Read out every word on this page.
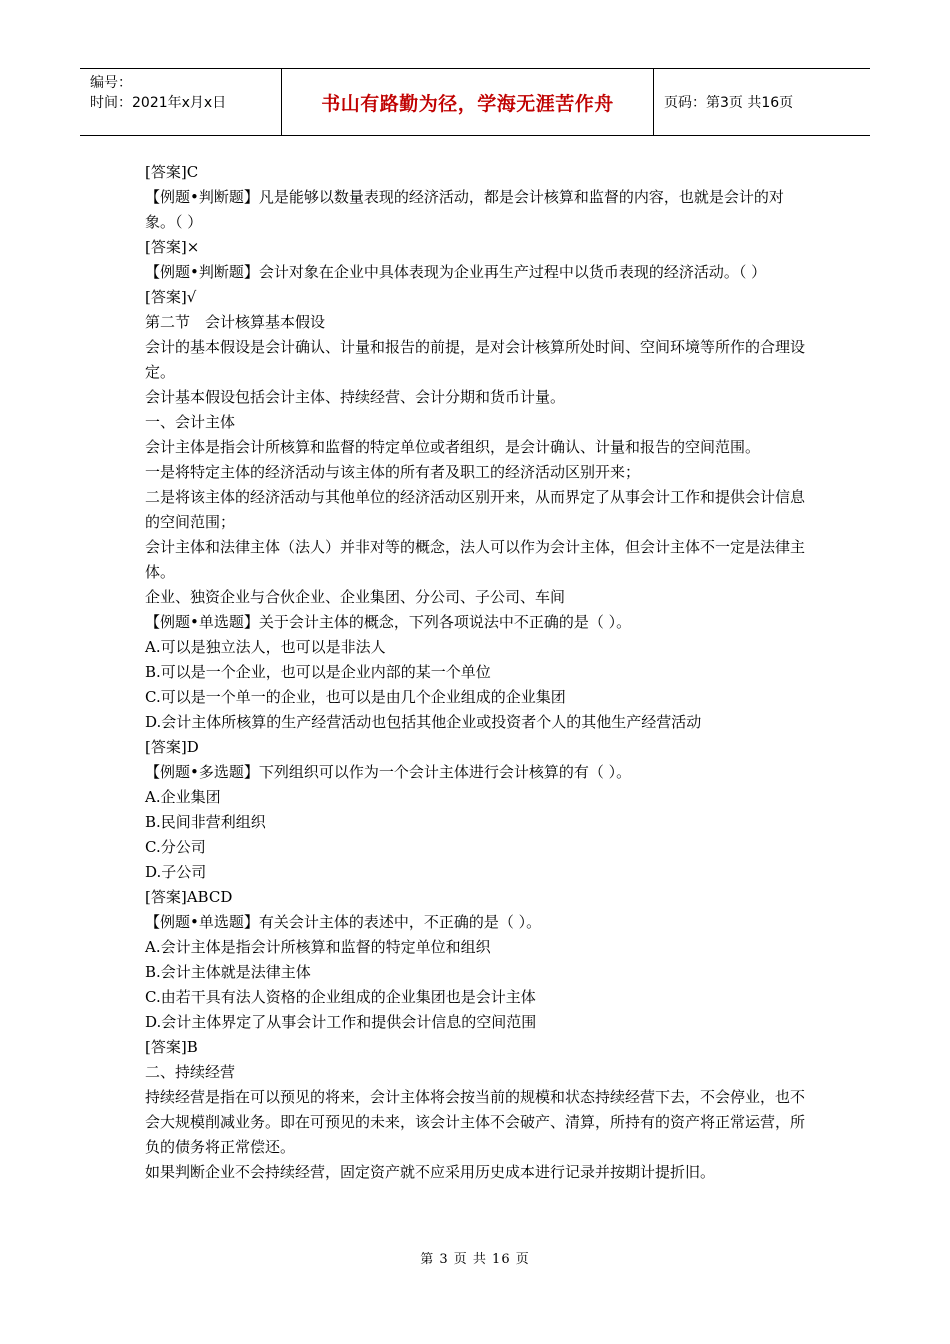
编号：
时间：2021年x月x日	书山有路勤为径，学海无涯苦作舟	页码：第3页 共16页
[答案]C
【例题•判断题】凡是能够以数量表现的经济活动，都是会计核算和监督的内容，也就是会计的对象。（ ）
[答案]×
【例题•判断题】会计对象在企业中具体表现为企业再生产过程中以货币表现的经济活动。（ ）
[答案]√
第二节　会计核算基本假设
会计的基本假设是会计确认、计量和报告的前提，是对会计核算所处时间、空间环境等所作的合理设定。
会计基本假设包括会计主体、持续经营、会计分期和货币计量。
一、会计主体
会计主体是指会计所核算和监督的特定单位或者组织，是会计确认、计量和报告的空间范围。
一是将特定主体的经济活动与该主体的所有者及职工的经济活动区别开来；
二是将该主体的经济活动与其他单位的经济活动区别开来，从而界定了从事会计工作和提供会计信息的空间范围；
会计主体和法律主体（法人）并非对等的概念，法人可以作为会计主体，但会计主体不一定是法律主体。
企业、独资企业与合伙企业、企业集团、分公司、子公司、车间
【例题•单选题】关于会计主体的概念，下列各项说法中不正确的是（ ）。
A.可以是独立法人，也可以是非法人
B.可以是一个企业，也可以是企业内部的某一个单位
C.可以是一个单一的企业，也可以是由几个企业组成的企业集团
D.会计主体所核算的生产经营活动也包括其他企业或投资者个人的其他生产经营活动
[答案]D
【例题•多选题】下列组织可以作为一个会计主体进行会计核算的有（ ）。
A.企业集团
B.民间非营利组织
C.分公司
D.子公司
[答案]ABCD
【例题•单选题】有关会计主体的表述中，不正确的是（ ）。
A.会计主体是指会计所核算和监督的特定单位和组织
B.会计主体就是法律主体
C.由若干具有法人资格的企业组成的企业集团也是会计主体
D.会计主体界定了从事会计工作和提供会计信息的空间范围
[答案]B
二、持续经营
持续经营是指在可以预见的将来，会计主体将会按当前的规模和状态持续经营下去，不会停业，也不会大规模削减业务。即在可预见的未来，该会计主体不会破产、清算，所持有的资产将正常运营，所负的债务将正常偿还。
如果判断企业不会持续经营，固定资产就不应采用历史成本进行记录并按期计提折旧。
第 3 页 共 16 页
